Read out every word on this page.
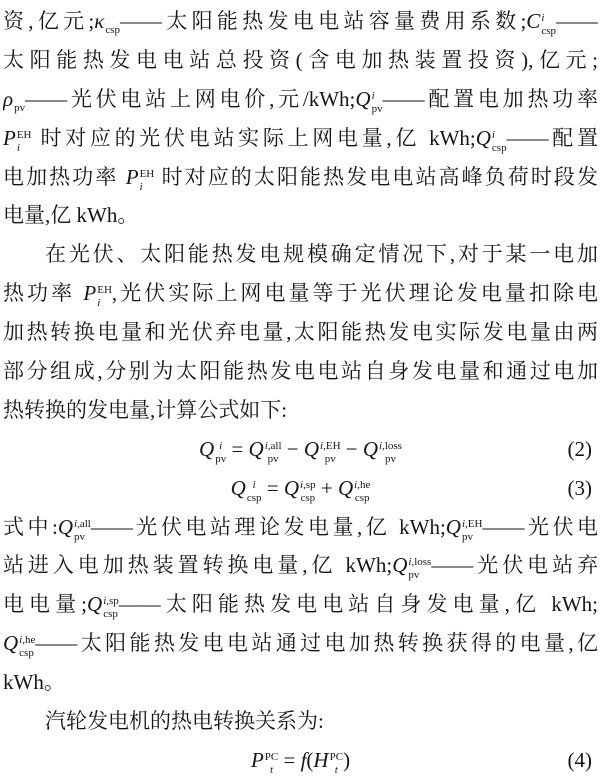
资,亿元$;\kappa_{csp}——$太阳能热发电电站容量费用系数;C i
csp ——
太阳能热发电电站总投资(含电加热装置投资),亿元;
$\rho_{pv}——$光伏电站上网电价,元/kWh;Q i
pv ——配置电加热功率
P EH
i 时对应的光伏电站实际上网电量,亿 kWh;Q i
csp ——配置
电加热功率 P EH
i 时对应的太阳能热发电电站高峰负荷时段发
电量,亿 kWh。
在光伏、太阳能热发电规模确定情况下,对于某一电加
热功率 P EH
i ,光伏实际上网电量等于光伏理论发电量扣除电
加热转换电量和光伏弃电量,太阳能热发电实际发电量由两
部分组成,分别为太阳能热发电电站自身发电量和通过电加
热转换的发电量,计算公式如下:
Q i
pv = Q i,all
pv − Q i,EH
pv − Q i,loss
pv	(2)
Q i
csp = Q i,sp
csp + Q i,he
csp	(3)
式中:Q i,all
pv ——光伏电站理论发电量,亿 kWh;Q i,EH
pv ——光伏电
站进入电加热装置转换电量,亿 kWh;Q i,loss
pv ——光伏电站弃
电电量;Q i,sp
csp ——太阳能热发电电站自身发电量,亿 kWh;
Q i,he
csp ——太阳能热发电电站通过电加热转换获得的电量,亿
kWh。
汽轮发电机的热电转换关系为:
P PC
t = f(H PC
t )	(4)
